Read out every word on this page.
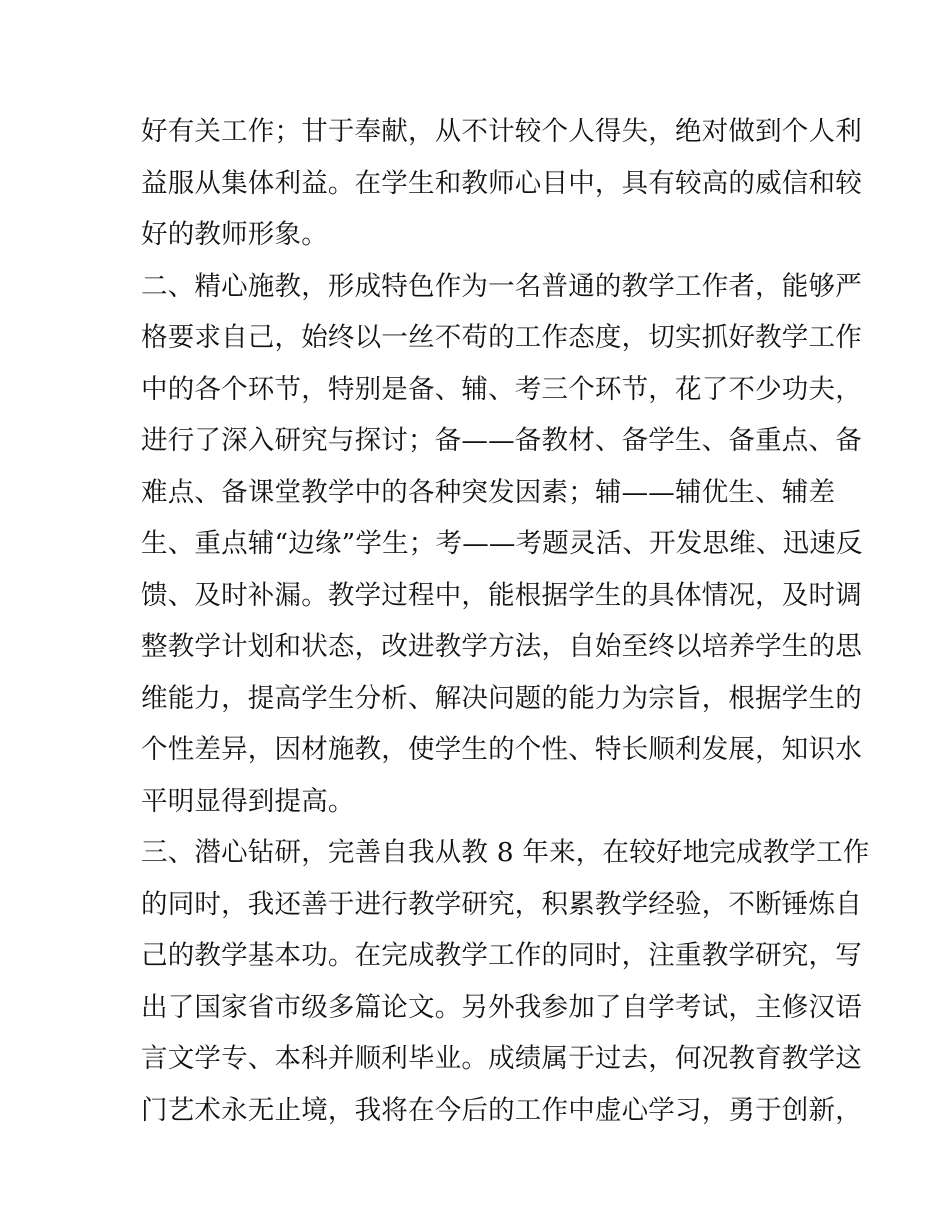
好有关工作；甘于奉献，从不计较个人得失，绝对做到个人利
益服从集体利益。在学生和教师心目中，具有较高的威信和较
好的教师形象。
二、精心施教，形成特色作为一名普通的教学工作者，能够严
格要求自己，始终以一丝不苟的工作态度，切实抓好教学工作
中的各个环节，特别是备、辅、考三个环节，花了不少功夫，
进行了深入研究与探讨；备——备教材、备学生、备重点、备
难点、备课堂教学中的各种突发因素；辅——辅优生、辅差
生、重点辅“边缘”学生；考——考题灵活、开发思维、迅速反
馈、及时补漏。教学过程中，能根据学生的具体情况，及时调
整教学计划和状态，改进教学方法，自始至终以培养学生的思
维能力，提高学生分析、解决问题的能力为宗旨，根据学生的
个性差异，因材施教，使学生的个性、特长顺利发展，知识水
平明显得到提高。
三、潜心钻研，完善自我从教 8 年来，在较好地完成教学工作
的同时，我还善于进行教学研究，积累教学经验，不断锤炼自
己的教学基本功。在完成教学工作的同时，注重教学研究，写
出了国家省市级多篇论文。另外我参加了自学考试，主修汉语
言文学专、本科并顺利毕业。成绩属于过去，何况教育教学这
门艺术永无止境，我将在今后的工作中虚心学习，勇于创新，
